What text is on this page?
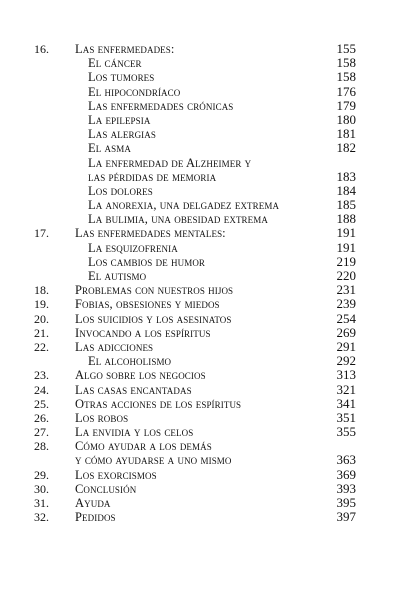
16.	Las enfermedades:	155
El cáncer	158
Los tumores	158
El hipocondríaco	176
Las enfermedades crónicas	179
La epilepsia	180
Las alergias	181
El asma	182
La enfermedad de Alzheimer y
las pérdidas de memoria	183
Los dolores	184
La anorexia, una delgadez extrema	185
La bulimia, una obesidad extrema	188
17.	Las enfermedades mentales:	191
La esquizofrenia	191
Los cambios de humor	219
El autismo	220
18.	Problemas con nuestros hijos	231
19.	Fobias, obsesiones y miedos	239
20.	Los suicidios y los asesinatos	254
21.	Invocando a los espíritus	269
22.	Las adicciones	291
El alcoholismo	292
23.	Algo sobre los negocios	313
24.	Las casas encantadas	321
25.	Otras acciones de los espíritus	341
26.	Los robos	351
27.	La envidia y los celos	355
28.	Cómo ayudar a los demás
y cómo ayudarse a uno mismo	363
29.	Los exorcismos	369
30.	Conclusión	393
31.	Ayuda	395
32.	Pedidos	397
